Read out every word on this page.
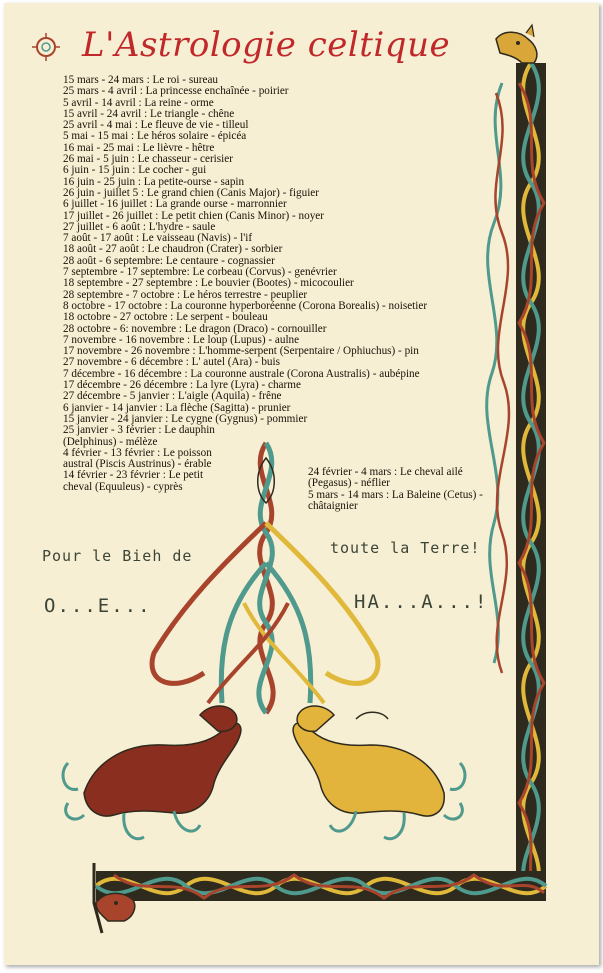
L'Astrologie celtique
15 mars - 24 mars : Le roi - sureau
25 mars - 4 avril : La princesse enchaînée - poirier
5 avril - 14 avril : La reine - orme
15 avril - 24 avril : Le triangle - chêne
25 avril - 4 mai : Le fleuve de vie - tilleul
5 mai - 15 mai : Le héros solaire - épicéa
16 mai - 25 mai : Le lièvre - hêtre
26 mai - 5 juin : Le chasseur - cerisier
6 juin - 15 juin : Le cocher - gui
16 juin - 25 juin : La petite-ourse - sapin
26 juin - juillet 5 : Le grand chien (Canis Major) - figuier
6 juillet - 16 juillet : La grande ourse - marronnier
17 juillet - 26 juillet : Le petit chien (Canis Minor) - noyer
27 juillet - 6 août : L'hydre - saule
7 août - 17 août : Le vaisseau (Navis) - l'if
18 août - 27 août : Le chaudron (Crater) - sorbier
28 août - 6 septembre: Le centaure - cognassier
7 septembre - 17 septembre: Le corbeau (Corvus) - genévrier
18 septembre - 27 septembre : Le bouvier (Bootes) - micocoulier
28 septembre - 7 octobre : Le héros terrestre - peuplier
8 octobre - 17 octobre : La couronne hyperboréenne (Corona Borealis) - noisetier
18 octobre - 27 octobre : Le serpent - bouleau
28 octobre - 6: novembre : Le dragon (Draco) - cornouiller
7 novembre - 16 novembre : Le loup (Lupus) - aulne
17 novembre - 26 novembre : L'homme-serpent (Serpentaire / Ophiuchus) - pin
27 novembre - 6 décembre : L' autel (Ara) - buis
7 décembre - 16 décembre : La couronne australe (Corona Australis) - aubépine
17 décembre - 26 décembre : La lyre (Lyra) - charme
27 décembre - 5 janvier : L'aigle (Aquila) - frêne
6 janvier - 14 janvier : La flèche (Sagitta) - prunier
15 janvier - 24 janvier : Le cygne (Gygnus) - pommier
25 janvier - 3 février : Le dauphin (Delphinus) - mélèze
4 février - 13 février : Le poisson austral (Piscis Austrinus) - érable
14 février - 23 février : Le petit cheval (Equuleus) - cyprès
24 février - 4 mars : Le cheval ailé (Pegasus) - néflier
5 mars - 14 mars : La Baleine (Cetus) - châtaignier
Pour le Bieh de	toute la Terre!
O...E...	HA...A...!
